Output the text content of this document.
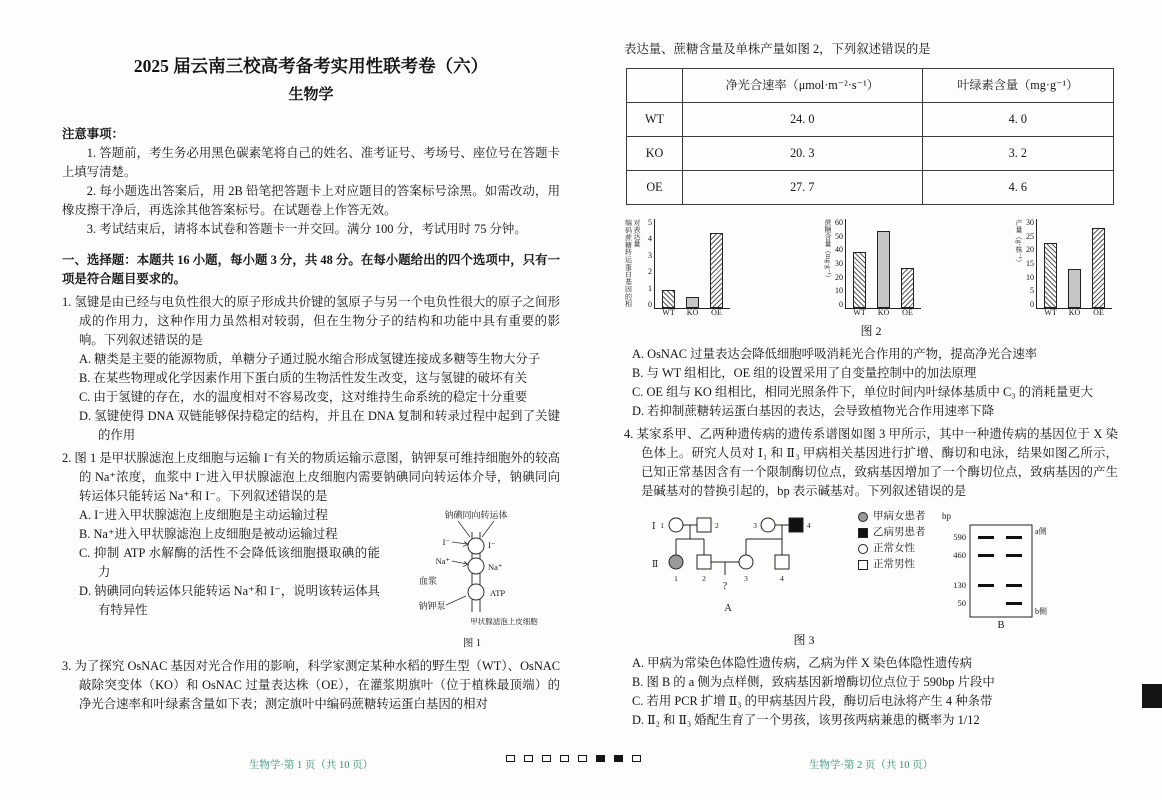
2025 届云南三校高考备考实用性联考卷（六）
生物学

注意事项：

1. 答题前，考生务必用黑色碳素笔将自己的姓名、准考证号、考场号、座位号在答题卡上填写清楚。

2. 每小题选出答案后，用 2B 铅笔把答题卡上对应题目的答案标号涂黑。如需改动，用橡皮擦干净后，再选涂其他答案标号。在试题卷上作答无效。

3. 考试结束后，请将本试卷和答题卡一并交回。满分 100 分，考试用时 75 分钟。

一、选择题：本题共 16 小题，每小题 3 分，共 48 分。在每小题给出的四个选项中，只有一项是符合题目要求的。

1. 氢键是由已经与电负性很大的原子形成共价键的氢原子与另一个电负性很大的原子之间形成的作用力，这种作用力虽然相对较弱，但在生物分子的结构和功能中具有重要的影响。下列叙述错误的是

A. 糖类是主要的能源物质，单糖分子通过脱水缩合形成氢键连接成多糖等生物大分子

B. 在某些物理或化学因素作用下蛋白质的生物活性发生改变，这与氢键的破坏有关

C. 由于氢键的存在，水的温度相对不容易改变，这对维持生命系统的稳定十分重要

D. 氢键使得 DNA 双链能够保持稳定的结构，并且在 DNA 复制和转录过程中起到了关键的作用

2. 图 1 是甲状腺滤泡上皮细胞与运输 I⁻有关的物质运输示意图，钠钾泵可维持细胞外的较高的 Na⁺浓度，血浆中 I⁻进入甲状腺滤泡上皮细胞内需要钠碘同向转运体介导，钠碘同向转运体只能转运 Na⁺和 I⁻。下列叙述错误的是

钠碘同向转运体
I⁻
Na⁺
I⁻
Na⁺
ATP
血浆
钠钾泵
甲状腺滤泡上皮细胞
图 1

A. I⁻进入甲状腺滤泡上皮细胞是主动运输过程

B. Na⁺进入甲状腺滤泡上皮细胞是被动运输过程

C. 抑制 ATP 水解酶的活性不会降低该细胞摄取碘的能力

D. 钠碘同向转运体只能转运 Na⁺和 I⁻，说明该转运体具有特异性

3. 为了探究 OsNAC 基因对光合作用的影响，科学家测定某种水稻的野生型（WT）、OsNAC敲除突变体（KO）和 OsNAC 过量表达株（OE），在灌浆期旗叶（位于植株最顶端）的净光合速率和叶绿素含量如下表；测定旗叶中编码蔗糖转运蛋白基因的相对

表达量、蔗糖含量及单株产量如图 2，下列叙述错误的是

	净光合速率（μmol·m⁻²·s⁻¹）	叶绿素含量（mg·g⁻¹）
WT	24. 0	4. 0
KO	20. 3	3. 2
OE	27. 7	4. 6
编码蔗糖转运蛋白基因的相对表达量 5
4
3
2
1
0
WT KO OE
蔗糖含量（mg·g⁻¹） 60
50
40
30
20
10
0
WT KO OE
产量（g·株⁻¹） 30
25
20
15
10
5
0
WT KO OE

图 2

A. OsNAC 过量表达会降低细胞呼吸消耗光合作用的产物，提高净光合速率

B. 与 WT 组相比，OE 组的设置采用了自变量控制中的加法原理

C. OE 组与 KO 组相比，相同光照条件下，单位时间内叶绿体基质中 C₃ 的消耗量更大

D. 若抑制蔗糖转运蛋白基因的表达，会导致植物光合作用速率下降

4. 某家系甲、乙两种遗传病的遗传系谱图如图 3 甲所示，其中一种遗传病的基因位于 X 染色体上。研究人员对 Ⅰ₁ 和 Ⅱ₃ 甲病相关基因进行扩增、酶切和电泳，结果如图乙所示，已知正常基因含有一个限制酶切位点，致病基因增加了一个酶切位点，致病基因的产生是碱基对的替换引起的，bp 表示碱基对。下列叙述错误的是

Ⅰ
Ⅱ
1	2	3	4
1	2	3	4
?
A
甲病女患者
乙病男患者
正常女性
正常男性
bp
590
460
130
50
a侧
b侧
B

图 3

A. 甲病为常染色体隐性遗传病，乙病为伴 X 染色体隐性遗传病

B. 图 B 的 a 侧为点样侧，致病基因新增酶切位点位于 590bp 片段中

C. 若用 PCR 扩增 Ⅱ₃ 的甲病基因片段，酶切后电泳将产生 4 种条带

D. Ⅱ₂ 和 Ⅱ₃ 婚配生育了一个男孩，该男孩两病兼患的概率为 1/12

生物学·第 1 页（共 10 页）	生物学·第 2 页（共 10 页）
